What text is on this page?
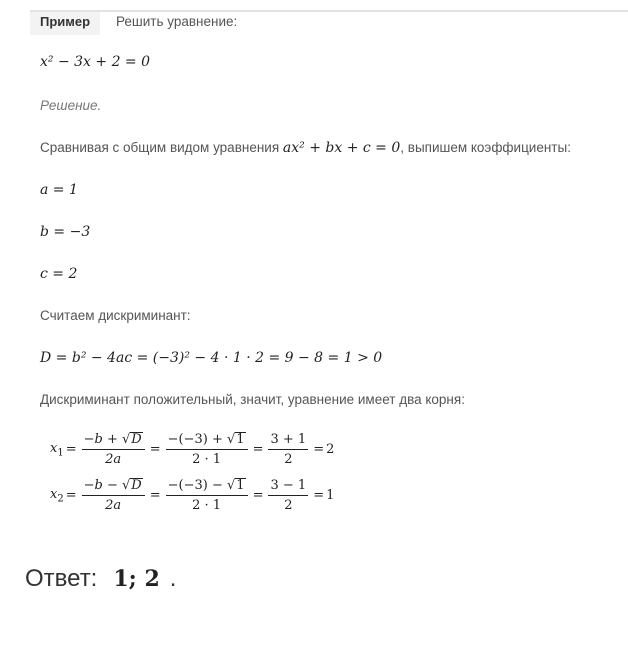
Пример	Решить уравнение:
x² − 3x + 2 = 0
Решение.
Сравнивая с общим видом уравнения ax² + bx + c = 0, выпишем коэффициенты:
a = 1
b = −3
c = 2
Считаем дискриминант:
D = b² − 4ac = (−3)² − 4 · 1 · 2 = 9 − 8 = 1 > 0
Дискриминант положительный, значит, уравнение имеет два корня:
$x_1 = \frac{-b + √D}{2a} = \frac{-(-3) + √1}{2 \cdot 1} = \frac{3 + 1}{2} = 2$
$x_2 = \frac{-b - √D}{2a} = \frac{-(-3) - √1}{2 \cdot 1} = \frac{3 - 1}{2} = 1$
Ответ: 1; 2 .
